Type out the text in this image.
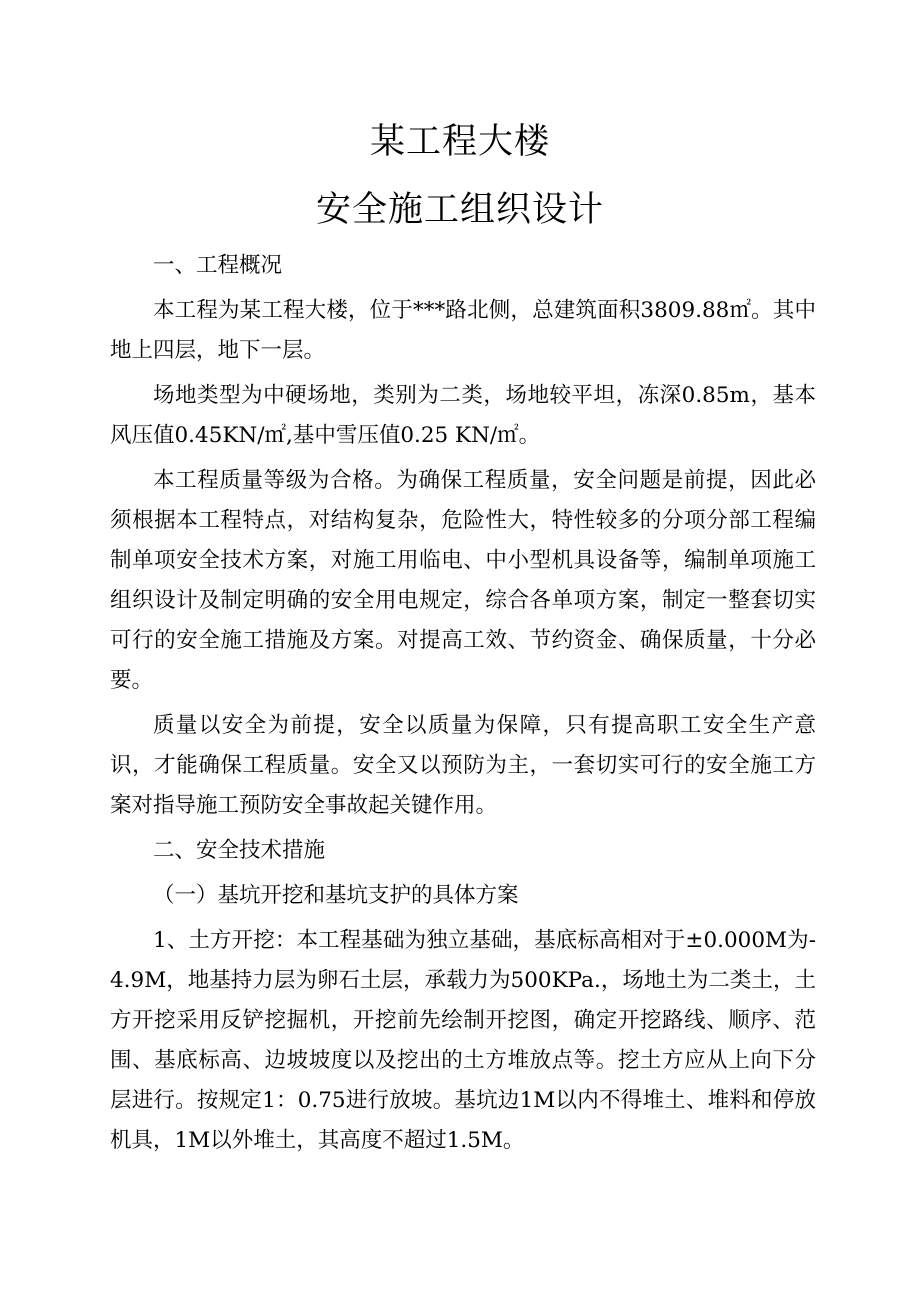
某工程大楼
安全施工组织设计

一、工程概况

本工程为某工程大楼，位于***路北侧，总建筑面积3809.88㎡。其中地上四层，地下一层。

场地类型为中硬场地，类别为二类，场地较平坦，冻深0.85m，基本风压值0.45KN/㎡,基中雪压值0.25 KN/㎡。

本工程质量等级为合格。为确保工程质量，安全问题是前提，因此必须根据本工程特点，对结构复杂，危险性大，特性较多的分项分部工程编制单项安全技术方案，对施工用临电、中小型机具设备等，编制单项施工组织设计及制定明确的安全用电规定，综合各单项方案，制定一整套切实可行的安全施工措施及方案。对提高工效、节约资金、确保质量，十分必要。

质量以安全为前提，安全以质量为保障，只有提高职工安全生产意识，才能确保工程质量。安全又以预防为主，一套切实可行的安全施工方案对指导施工预防安全事故起关键作用。

二、安全技术措施

（一）基坑开挖和基坑支护的具体方案

1、土方开挖：本工程基础为独立基础，基底标高相对于±0.000M为-4.9M，地基持力层为卵石土层，承载力为500KPa.，场地土为二类土，土方开挖采用反铲挖掘机，开挖前先绘制开挖图，确定开挖路线、顺序、范围、基底标高、边坡坡度以及挖出的土方堆放点等。挖土方应从上向下分层进行。按规定1：0.75进行放坡。基坑边1M以内不得堆土、堆料和停放机具，1M以外堆土，其高度不超过1.5M。
